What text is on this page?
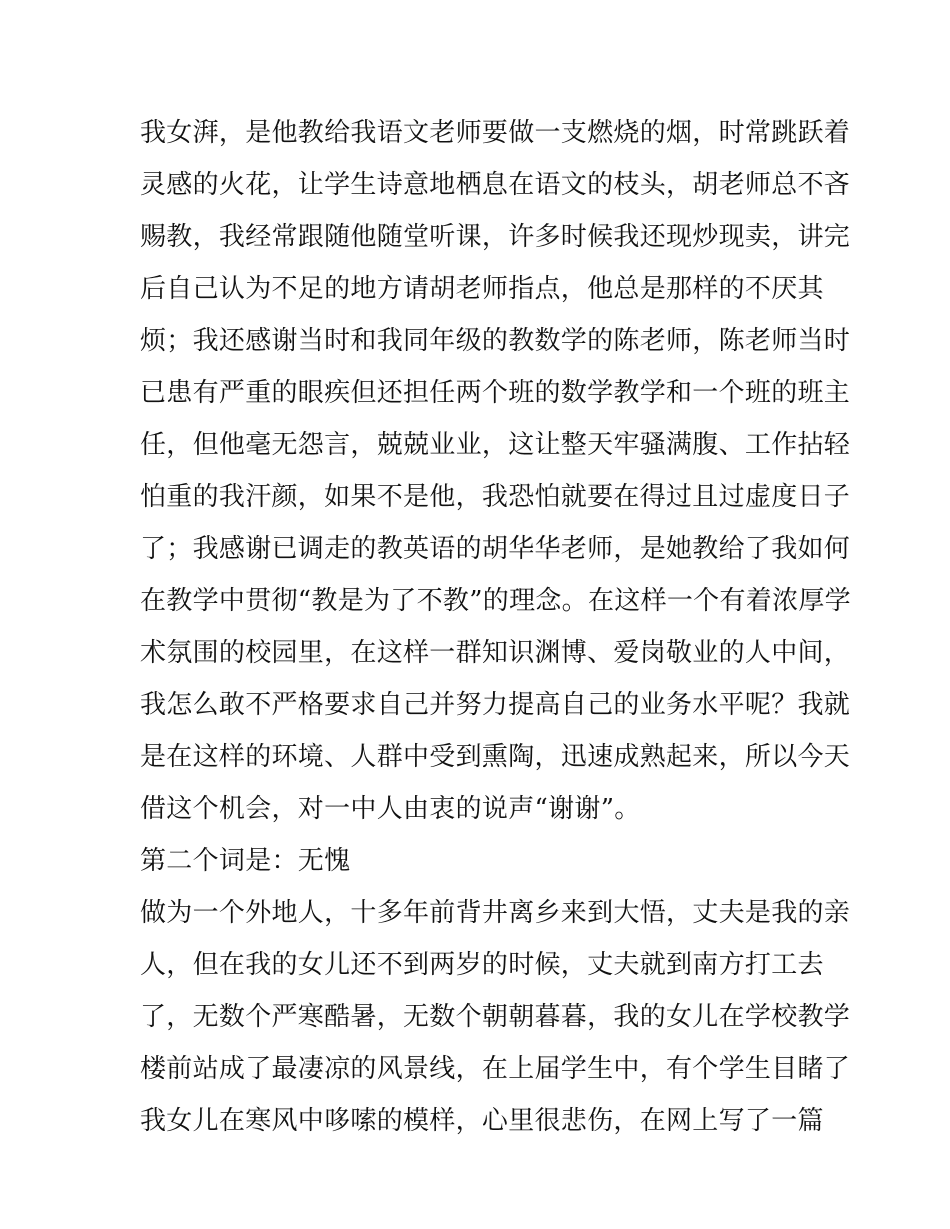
我女湃，是他教给我语文老师要做一支燃烧的烟，时常跳跃着
灵感的火花，让学生诗意地栖息在语文的枝头，胡老师总不吝
赐教，我经常跟随他随堂听课，许多时候我还现炒现卖，讲完
后自己认为不足的地方请胡老师指点，他总是那样的不厌其
烦；我还感谢当时和我同年级的教数学的陈老师，陈老师当时
已患有严重的眼疾但还担任两个班的数学教学和一个班的班主
任，但他毫无怨言，兢兢业业，这让整天牢骚满腹、工作拈轻
怕重的我汗颜，如果不是他，我恐怕就要在得过且过虚度日子
了；我感谢已调走的教英语的胡华华老师，是她教给了我如何
在教学中贯彻“教是为了不教”的理念。在这样一个有着浓厚学
术氛围的校园里，在这样一群知识渊博、爱岗敬业的人中间，
我怎么敢不严格要求自己并努力提高自己的业务水平呢？我就
是在这样的环境、人群中受到熏陶，迅速成熟起来，所以今天
借这个机会，对一中人由衷的说声“谢谢”。
第二个词是：无愧
做为一个外地人，十多年前背井离乡来到大悟，丈夫是我的亲
人，但在我的女儿还不到两岁的时候，丈夫就到南方打工去
了，无数个严寒酷暑，无数个朝朝暮暮，我的女儿在学校教学
楼前站成了最凄凉的风景线，在上届学生中，有个学生目睹了
我女儿在寒风中哆嗦的模样，心里很悲伤，在网上写了一篇
